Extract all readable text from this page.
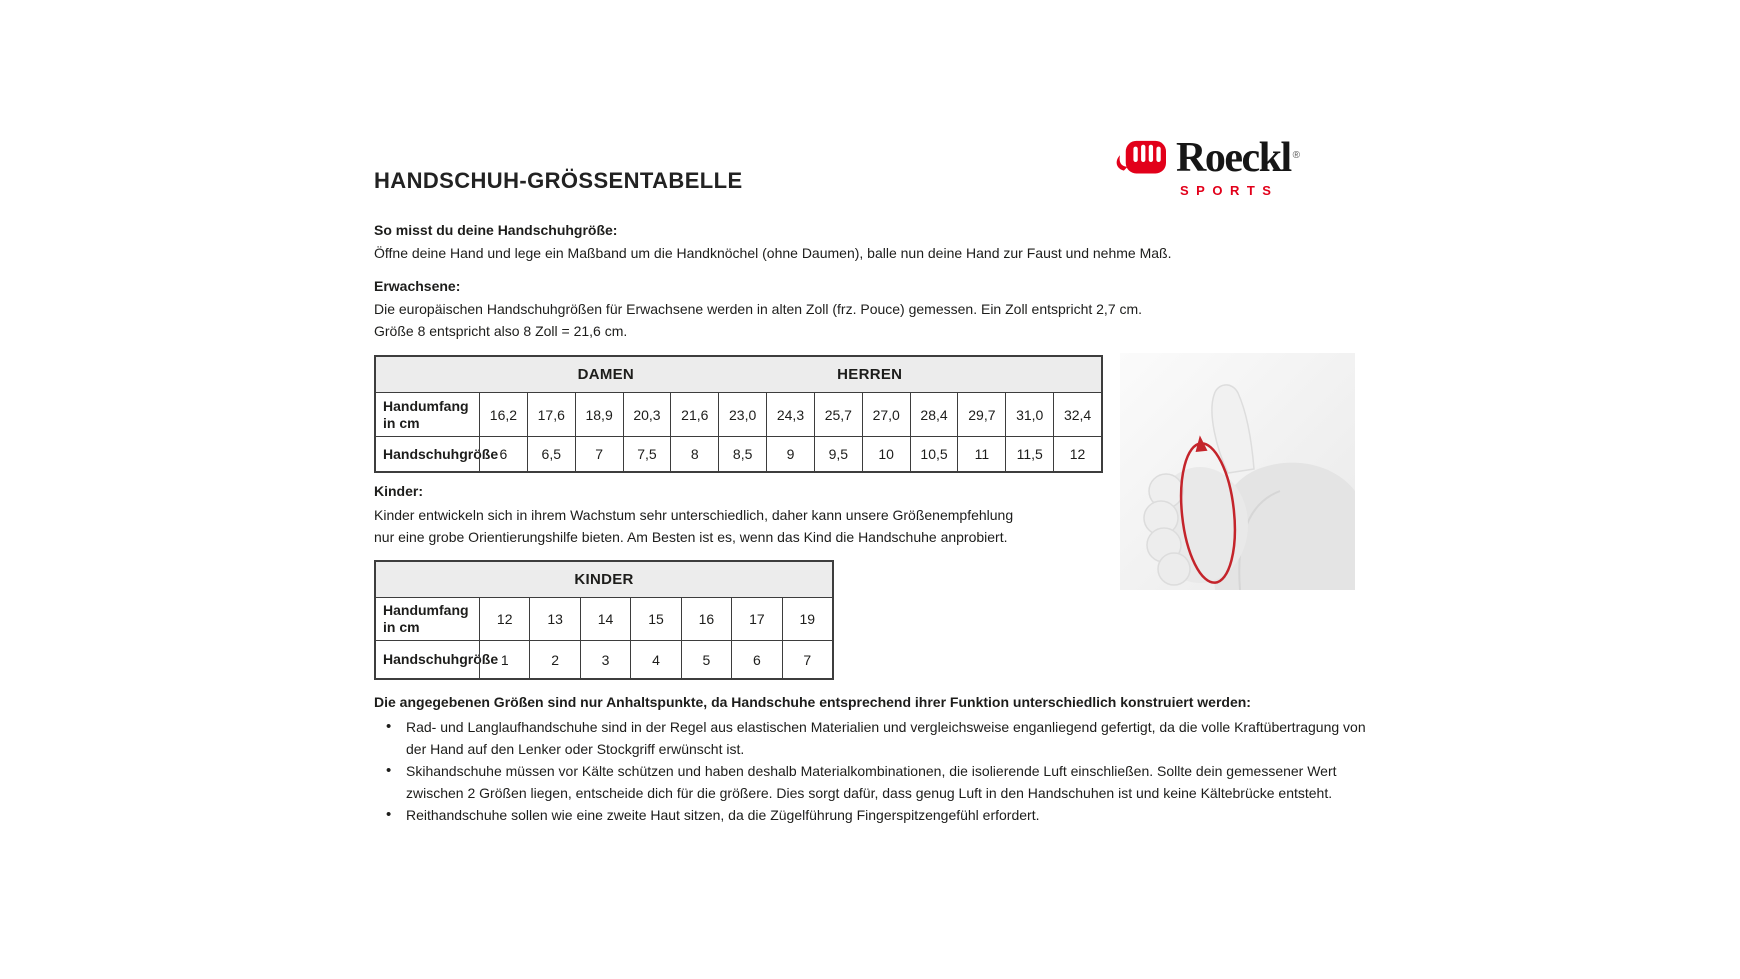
Roeckl ®
SPORTS
HANDSCHUH-GRÖSSENTABELLE
So misst du deine Handschuhgröße:
Öffne deine Hand und lege ein Maßband um die Handknöchel (ohne Daumen), balle nun deine Hand zur Faust und nehme Maß.
Erwachsene:
Die europäischen Handschuhgrößen für Erwachsene werden in alten Zoll (frz. Pouce) gemessen. Ein Zoll entspricht 2,7 cm.
Größe 8 entspricht also 8 Zoll = 21,6 cm.
DAMEN	HERREN
Handumfang
in cm	16,2	17,6	18,9	20,3	21,6	23,0	24,3	25,7	27,0	28,4	29,7	31,0	32,4
Handschuhgröße 6	6,5	7	7,5	8	8,5	9	9,5	10	10,5	11	11,5	12
Kinder:
Kinder entwickeln sich in ihrem Wachstum sehr unterschiedlich, daher kann unsere Größenempfehlung
nur eine grobe Orientierungshilfe bieten. Am Besten ist es, wenn das Kind die Handschuhe anprobiert.
KINDER
Handumfang
in cm	12	13	14	15	16	17	19
Handschuhgröße 1	2	3	4	5	6	7
Die angegebenen Größen sind nur Anhaltspunkte, da Handschuhe entsprechend ihrer Funktion unterschiedlich konstruiert werden:
• Rad- und Langlaufhandschuhe sind in der Regel aus elastischen Materialien und vergleichsweise enganliegend gefertigt, da die volle Kraftübertragung von der Hand auf den Lenker oder Stockgriff erwünscht ist.
• Skihandschuhe müssen vor Kälte schützen und haben deshalb Materialkombinationen, die isolierende Luft einschließen. Sollte dein gemessener Wert zwischen 2 Größen liegen, entscheide dich für die größere. Dies sorgt dafür, dass genug Luft in den Handschuhen ist und keine Kältebrücke entsteht.
• Reithandschuhe sollen wie eine zweite Haut sitzen, da die Zügelführung Fingerspitzengefühl erfordert.
